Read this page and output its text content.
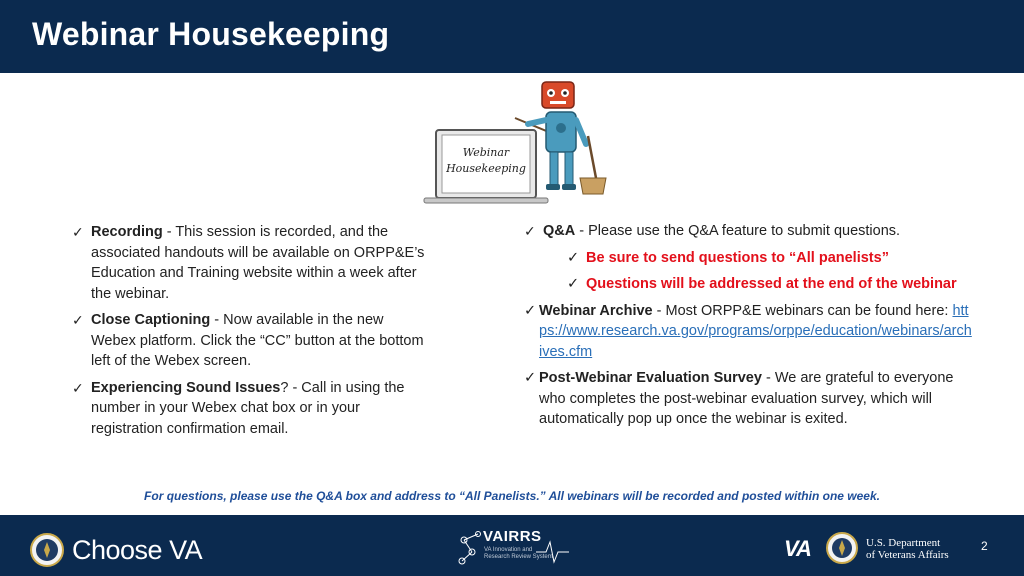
Webinar Housekeeping
Webinar
Housekeeping
✓ Recording - This session is recorded, and the associated handouts will be available on ORPP&E’s Education and Training website within a week after the webinar.
✓ Close Captioning - Now available in the new Webex platform. Click the “CC” button at the bottom left of the Webex screen.
✓ Experiencing Sound Issues? - Call in using the number in your Webex chat box or in your registration confirmation email.
✓ Q&A - Please use the Q&A feature to submit questions.
✓ Be sure to send questions to “All panelists”
✓ Questions will be addressed at the end of the webinar
✓ Webinar Archive - Most ORPP&E webinars can be found here: https://www.research.va.gov/programs/orppe/education/webinars/archives.cfm
✓ Post-Webinar Evaluation Survey - We are grateful to everyone who completes the post-webinar evaluation survey, which will automatically pop up once the webinar is exited.
For questions, please use the Q&A box and address to “All Panelists.” All webinars will be recorded and posted within one week.
Choose VA	VAIRRS
VA Innovation and Research Review System	VA	U.S. Department
of Veterans Affairs
2
